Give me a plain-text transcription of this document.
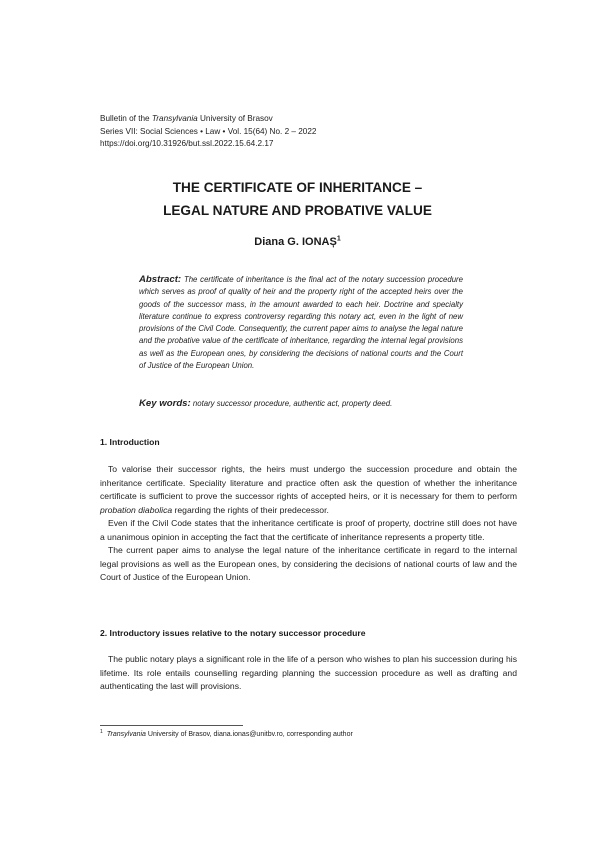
Bulletin of the Transylvania University of Brasov
Series VII: Social Sciences • Law • Vol. 15(64) No. 2 – 2022
https://doi.org/10.31926/but.ssl.2022.15.64.2.17
THE CERTIFICATE OF INHERITANCE –
LEGAL NATURE AND PROBATIVE VALUE
Diana G. IONAȘ$^1$
Abstract: The certificate of inheritance is the final act of the notary succession procedure which serves as proof of quality of heir and the property right of the accepted heirs over the goods of the successor mass, in the amount awarded to each heir. Doctrine and specialty literature continue to express controversy regarding this notary act, even in the light of new provisions of the Civil Code. Consequently, the current paper aims to analyse the legal nature and the probative value of the certificate of inheritance, regarding the internal legal provisions as well as the European ones, by considering the decisions of national courts and the Court of Justice of the European Union.
Key words: notary successor procedure, authentic act, property deed.
1. Introduction

To valorise their successor rights, the heirs must undergo the succession procedure and obtain the inheritance certificate. Speciality literature and practice often ask the question of whether the inheritance certificate is sufficient to prove the successor rights of accepted heirs, or it is necessary for them to perform probation diabolica regarding the rights of their predecessor.

Even if the Civil Code states that the inheritance certificate is proof of property, doctrine still does not have a unanimous opinion in accepting the fact that the certificate of inheritance represents a property title.

The current paper aims to analyse the legal nature of the inheritance certificate in regard to the internal legal provisions as well as the European ones, by considering the decisions of national courts of law and the Court of Justice of the European Union.

2. Introductory issues relative to the notary successor procedure

The public notary plays a significant role in the life of a person who wishes to plan his succession during his lifetime. Its role entails counselling regarding planning the succession procedure as well as drafting and authenticating the last will provisions.

$^1$ Transylvania University of Brasov, diana.ionas@unitbv.ro, corresponding author
